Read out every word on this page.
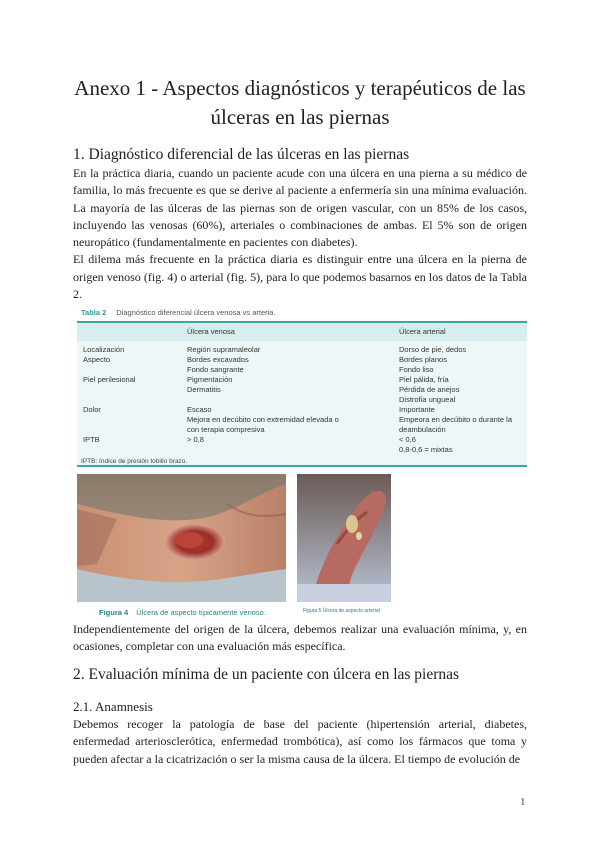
Anexo 1 - Aspectos diagnósticos y terapéuticos de las úlceras en las piernas
1. Diagnóstico diferencial de las úlceras en las piernas

En la práctica diaria, cuando un paciente acude con una úlcera en una pierna a su médico de familia, lo más frecuente es que se derive al paciente a enfermería sin una mínima evaluación. La mayoría de las úlceras de las piernas son de origen vascular, con un 85% de los casos, incluyendo las venosas (60%), arteriales o combinaciones de ambas. El 5% son de origen neuropático (fundamentalmente en pacientes con diabetes).

El dilema más frecuente en la práctica diaria es distinguir entre una úlcera en la pierna de origen venoso (fig. 4) o arterial (fig. 5), para lo que podemos basarnos en los datos de la Tabla 2.

Tabla 2 Diagnóstico diferencial úlcera venosa vs arteria.
Úlcera venosa	Úlcera arterial
Localización
Aspecto

Piel perilesional

Dolor

IPTB
Región supramaleolar
Bordes excavados
Fondo sangrante
Pigmentación
Dermatitis

Escaso
Mejora en decúbito con extremidad elevada o
con terapia compresiva
> 0,8
Dorso de pie, dedos
Bordes planos
Fondo liso
Piel pálida, fría
Pérdida de anejos
Distrofia ungueal
Importante
Empeora en decúbito o durante la
deambulación
< 0,6
0,8-0,6 = mixtas
IPTB: índice de presión tobillo brazo.
Figura 4 Úlcera de aspecto típicamente venoso.	Figura 5 Úlcera de aspecto arterial
Independientemente del origen de la úlcera, debemos realizar una evaluación mínima, y, en ocasiones, completar con una evaluación más específica.
2. Evaluación mínima de un paciente con úlcera en las piernas
2.1. Anamnesis
Debemos recoger la patología de base del paciente (hipertensión arterial, diabetes, enfermedad arteriosclerótica, enfermedad trombótica), así como los fármacos que toma y pueden afectar a la cicatrización o ser la misma causa de la úlcera. El tiempo de evolución de
1
